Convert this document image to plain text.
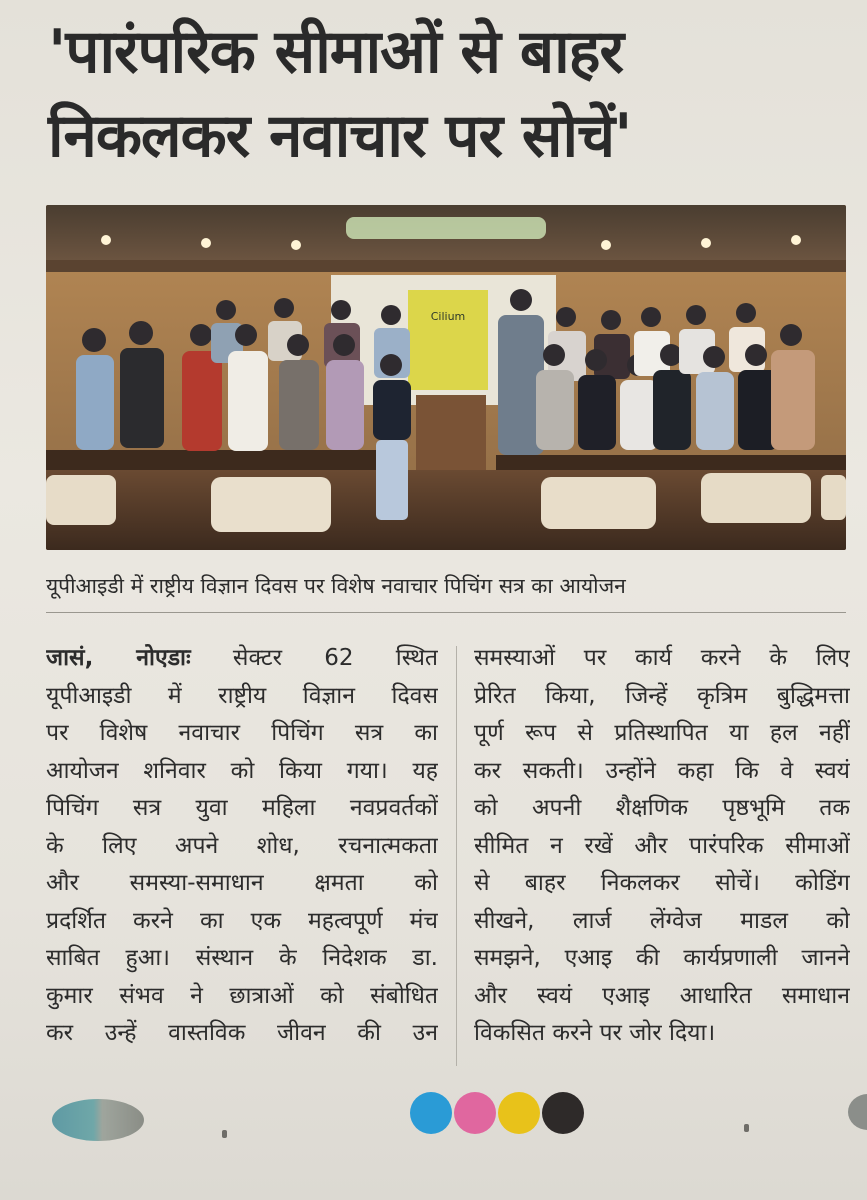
'पारंपरिक सीमाओं से बाहर
निकलकर नवाचार पर सोचें'
Cilium
यूपीआइडी में राष्ट्रीय विज्ञान दिवस पर विशेष नवाचार पिचिंग सत्र का आयोजन
जासं, नोएडाः सेक्टर 62 स्थित
यूपीआइडी में राष्ट्रीय विज्ञान दिवस
पर विशेष नवाचार पिचिंग सत्र का
आयोजन शनिवार को किया गया। यह
पिचिंग सत्र युवा महिला नवप्रवर्तकों
के लिए अपने शोध, रचनात्मकता
और समस्या-समाधान क्षमता को
प्रदर्शित करने का एक महत्वपूर्ण मंच
साबित हुआ। संस्थान के निदेशक डा.
कुमार संभव ने छात्राओं को संबोधित
कर उन्हें वास्तविक जीवन की उन
समस्याओं पर कार्य करने के लिए
प्रेरित किया, जिन्हें कृत्रिम बुद्धिमत्ता
पूर्ण रूप से प्रतिस्थापित या हल नहीं
कर सकती। उन्होंने कहा कि वे स्वयं
को अपनी शैक्षणिक पृष्ठभूमि तक
सीमित न रखें और पारंपरिक सीमाओं
से बाहर निकलकर सोचें। कोडिंग
सीखने, लार्ज लेंग्वेज माडल को
समझने, एआइ की कार्यप्रणाली जानने
और स्वयं एआइ आधारित समाधान
विकसित करने पर जोर दिया।
